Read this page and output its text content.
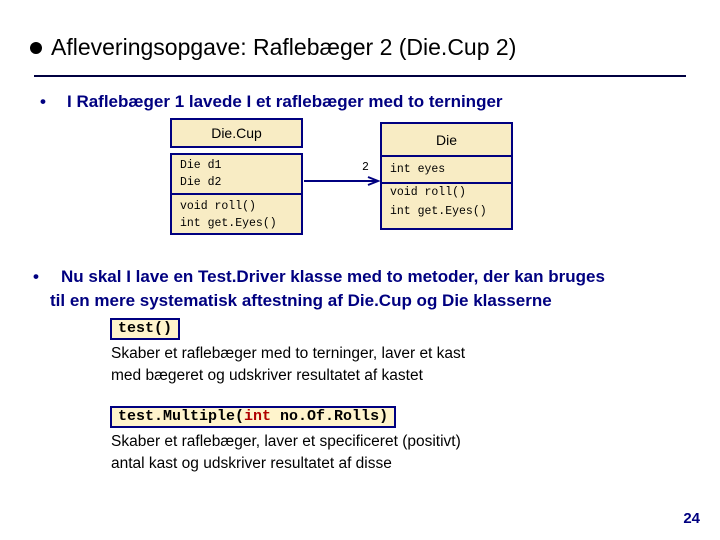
Afleveringsopgave: Raflebæger 2 (Die.Cup 2)
• I Raflebæger 1 lavede I et raflebæger med to terninger
Die.Cup
Die d1
Die d2
void roll()
int get.Eyes()
Die
int eyes
void roll()
int get.Eyes()
2
• Nu skal I lave en Test.Driver klasse med to metoder, der kan bruges
til en mere systematisk aftestning af Die.Cup og Die klasserne
test()
Skaber et raflebæger med to terninger, laver et kast
med bægeret og udskriver resultatet af kastet
test.Multiple(int no.Of.Rolls)
Skaber et raflebæger, laver et specificeret (positivt)
antal kast og udskriver resultatet af disse
24
